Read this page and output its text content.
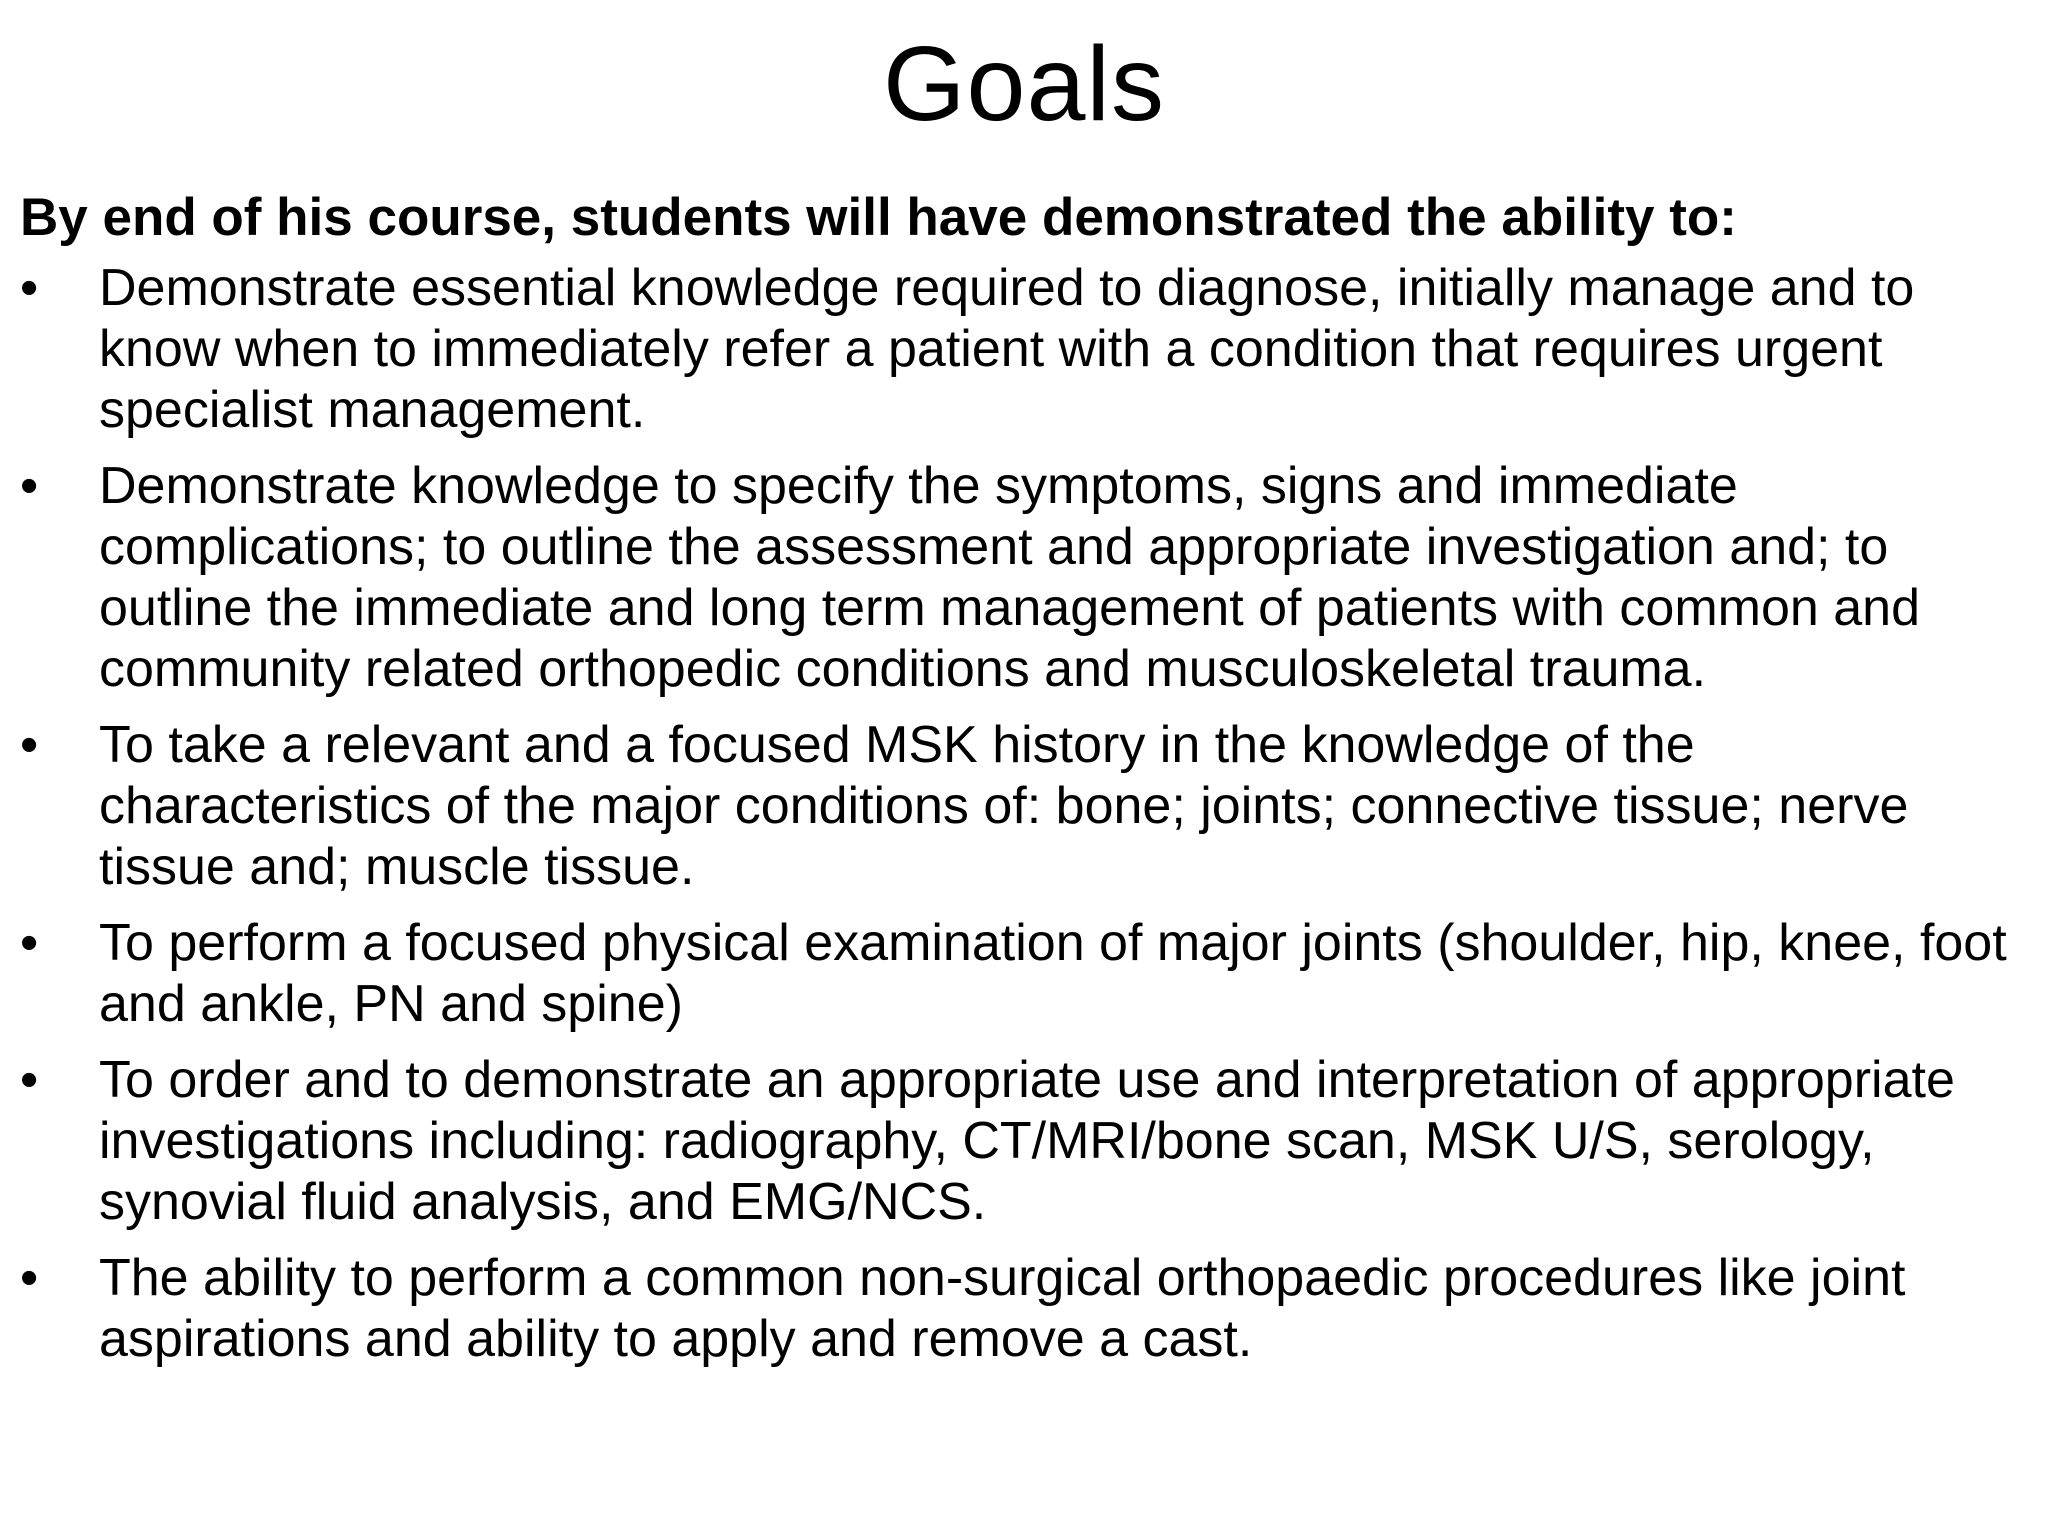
Goals
By end of his course, students will have demonstrated the ability to:
•	Demonstrate essential knowledge required to diagnose, initially manage and to know when to immediately refer a patient with a condition that requires urgent specialist management.
•	Demonstrate knowledge to specify the symptoms, signs and immediate complications; to outline the assessment and appropriate investigation and; to outline the immediate and long term management of patients with common and community related orthopedic conditions and musculoskeletal trauma.
•	To take a relevant and a focused MSK history in the knowledge of the characteristics of the major conditions of: bone; joints; connective tissue; nerve tissue and; muscle tissue.
•	To perform a focused physical examination of major joints (shoulder, hip, knee, foot and ankle, PN and spine)
•	To order and to demonstrate an appropriate use and interpretation of appropriate investigations including: radiography, CT/MRI/bone scan, MSK U/S, serology, synovial fluid analysis, and EMG/NCS.
•	The ability to perform a common non-surgical orthopaedic procedures like joint aspirations and ability to apply and remove a cast.
